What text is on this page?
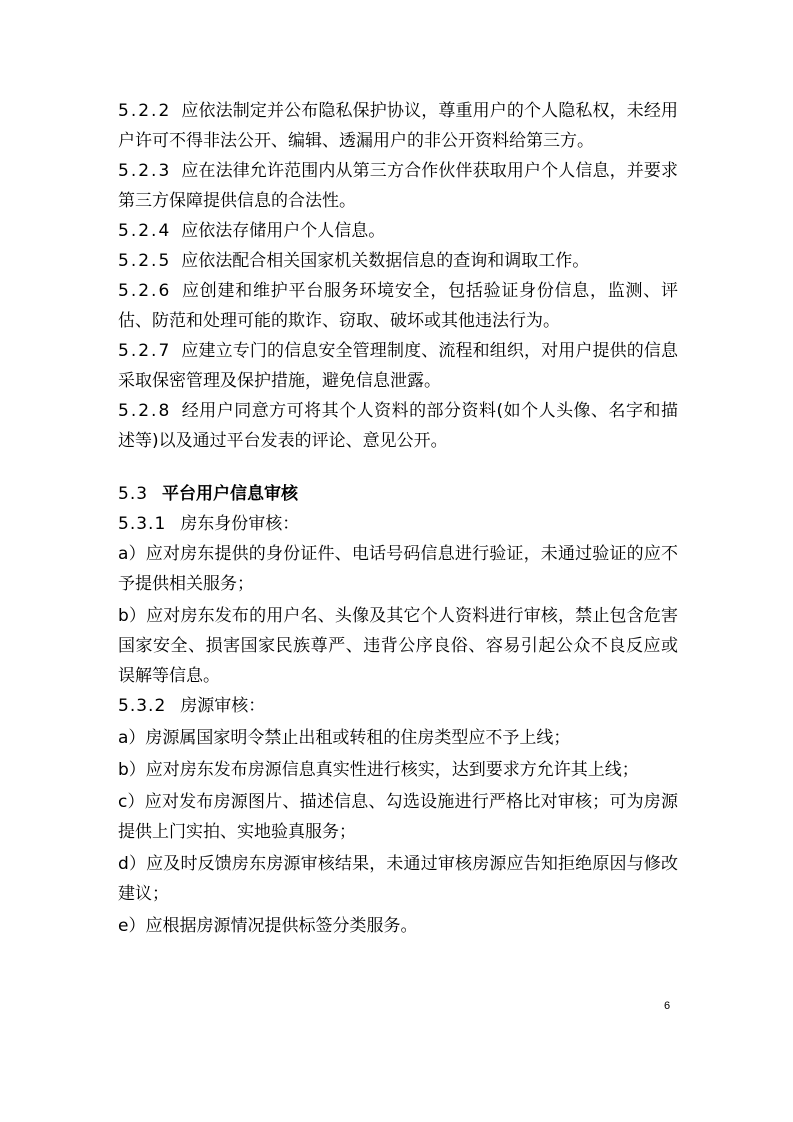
5.2.2 应依法制定并公布隐私保护协议，尊重用户的个人隐私权，未经用户许可不得非法公开、编辑、透漏用户的非公开资料给第三方。

5.2.3 应在法律允许范围内从第三方合作伙伴获取用户个人信息，并要求第三方保障提供信息的合法性。

5.2.4 应依法存储用户个人信息。

5.2.5 应依法配合相关国家机关数据信息的查询和调取工作。

5.2.6 应创建和维护平台服务环境安全，包括验证身份信息，监测、评估、防范和处理可能的欺诈、窃取、破坏或其他违法行为。

5.2.7 应建立专门的信息安全管理制度、流程和组织，对用户提供的信息采取保密管理及保护措施，避免信息泄露。

5.2.8 经用户同意方可将其个人资料的部分资料(如个人头像、名字和描述等)以及通过平台发表的评论、意见公开。

5.3 平台用户信息审核

5.3.1 房东身份审核：

a）应对房东提供的身份证件、电话号码信息进行验证，未通过验证的应不予提供相关服务；

b）应对房东发布的用户名、头像及其它个人资料进行审核，禁止包含危害国家安全、损害国家民族尊严、违背公序良俗、容易引起公众不良反应或误解等信息。

5.3.2 房源审核：

a）房源属国家明令禁止出租或转租的住房类型应不予上线；

b）应对房东发布房源信息真实性进行核实，达到要求方允许其上线；

c）应对发布房源图片、描述信息、勾选设施进行严格比对审核；可为房源提供上门实拍、实地验真服务；

d）应及时反馈房东房源审核结果，未通过审核房源应告知拒绝原因与修改建议；

e）应根据房源情况提供标签分类服务。

6
